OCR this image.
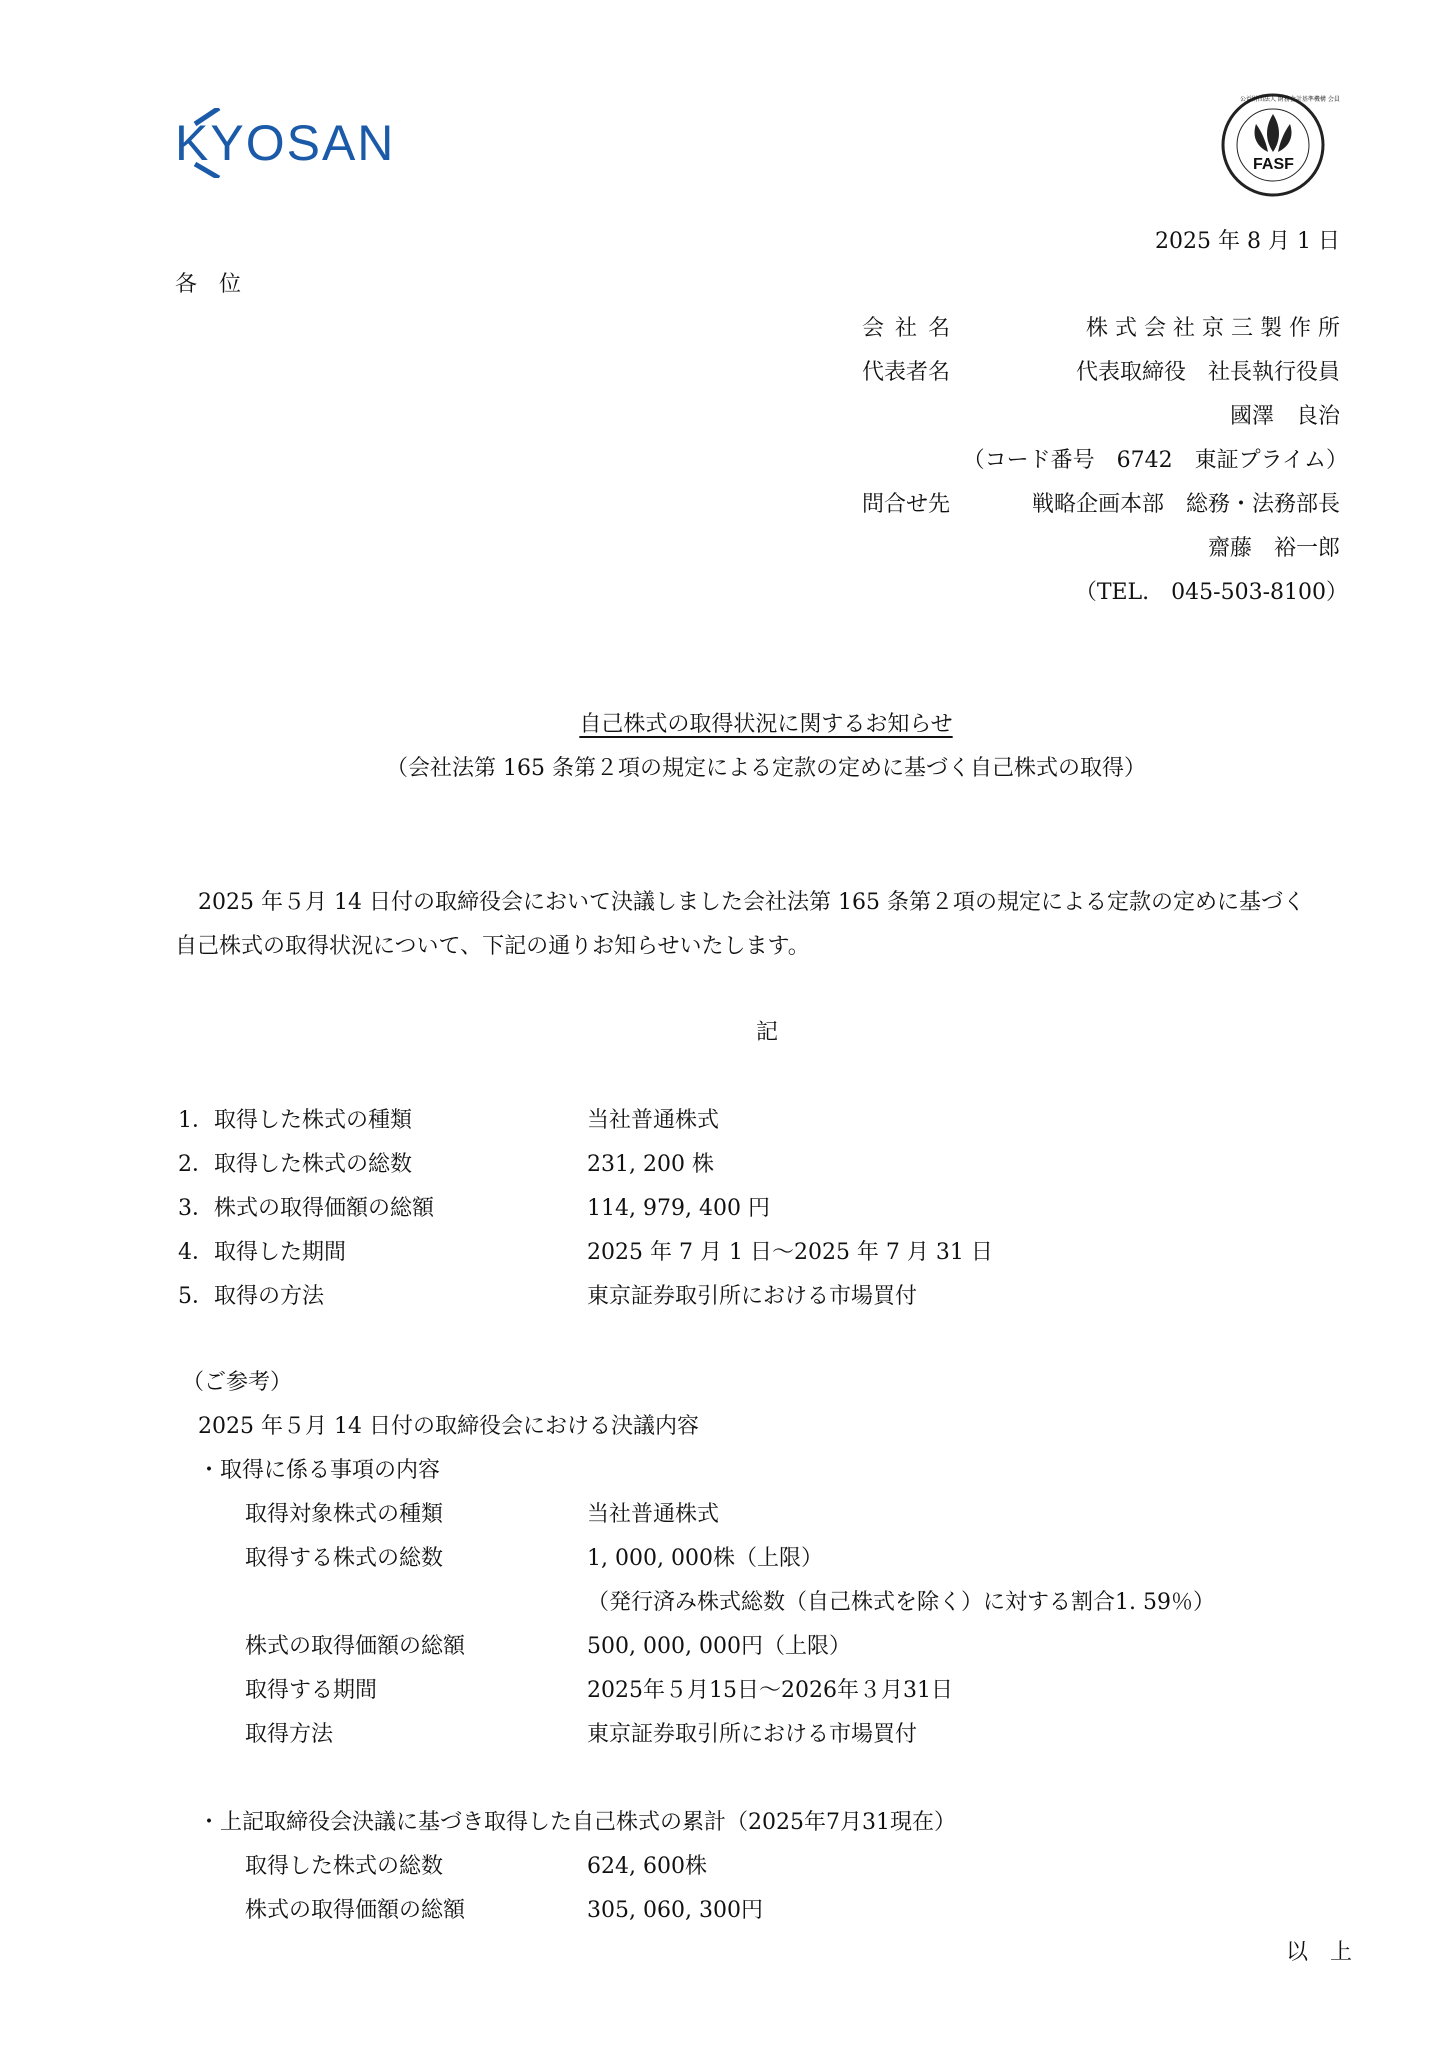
KYOSAN	FASF
公益財団法人 財務会計基準機構 会員
2025 年 8 月 1 日
各　位
会 社 名	株 式 会 社 京 三 製 作 所
代表者名	代表取締役　社長執行役員
國澤　良治
（コード番号　6742　東証プライム）
問合せ先	戦略企画本部　総務・法務部長
齋藤　裕一郎
（TEL.　045-503-8100）
自己株式の取得状況に関するお知らせ
（会社法第 165 条第２項の規定による定款の定めに基づく自己株式の取得）
2025 年５月 14 日付の取締役会において決議しました会社法第 165 条第２項の規定による定款の定めに基づく
自己株式の取得状況について、下記の通りお知らせいたします。
記
1．取得した株式の種類	当社普通株式
2．取得した株式の総数	231, 200 株
3．株式の取得価額の総額	114, 979, 400 円
4．取得した期間	2025 年 7 月 1 日～2025 年 7 月 31 日
5．取得の方法	東京証券取引所における市場買付
（ご参考）
2025 年５月 14 日付の取締役会における決議内容
・取得に係る事項の内容
取得対象株式の種類	当社普通株式
取得する株式の総数	1, 000, 000株（上限）
（発行済み株式総数（自己株式を除く）に対する割合1. 59％）
株式の取得価額の総額	500, 000, 000円（上限）
取得する期間	2025年５月15日～2026年３月31日
取得方法	東京証券取引所における市場買付
・上記取締役会決議に基づき取得した自己株式の累計（2025年7月31現在）
取得した株式の総数	624, 600株
株式の取得価額の総額	305, 060, 300円
以　上
